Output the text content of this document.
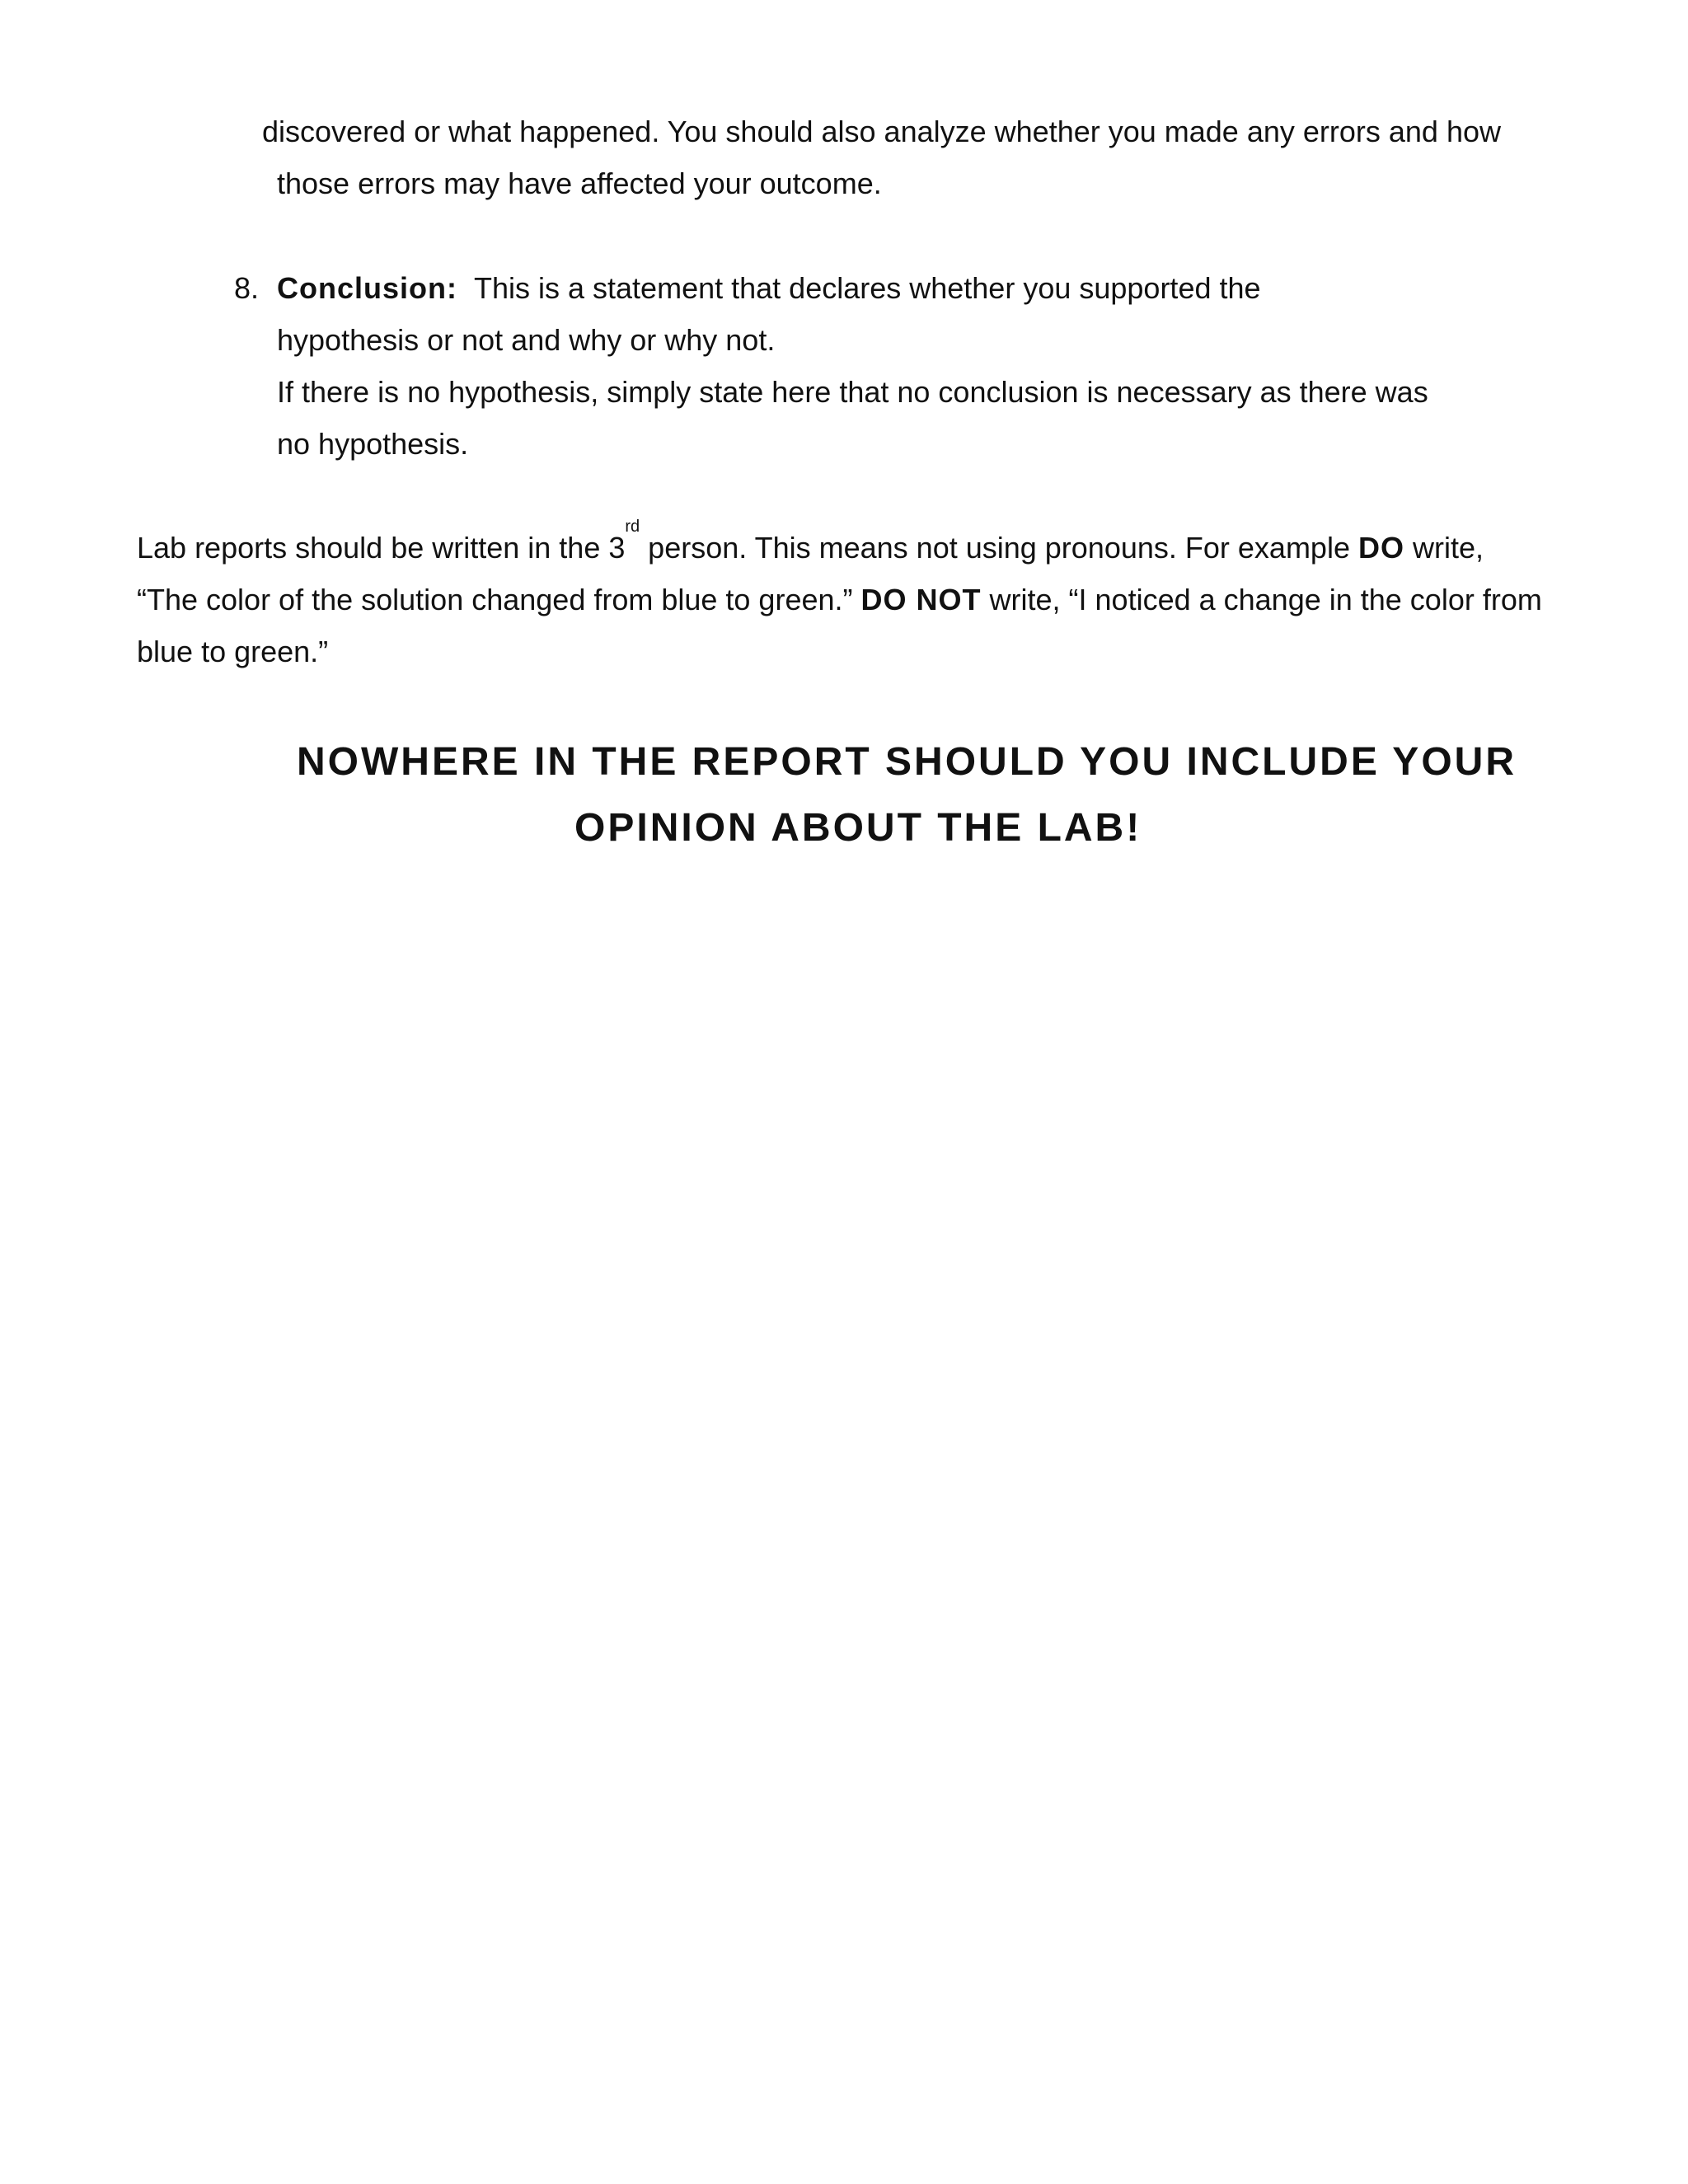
discovered or what happened. You should also analyze whether you made any errors and how

those errors may have affected your outcome.

8. Conclusion: This is a statement that declares whether you supported the

hypothesis or not and why or why not.

If there is no hypothesis, simply state here that no conclusion is necessary as there was

no hypothesis.

Lab reports should be written in the 3rd person. This means not using pronouns. For example DO write,

“The color of the solution changed from blue to green.” DO NOT write, “I noticed a change in the color from

blue to green.”

NOWHERE IN THE REPORT SHOULD YOU INCLUDE YOUR

OPINION ABOUT THE LAB!
